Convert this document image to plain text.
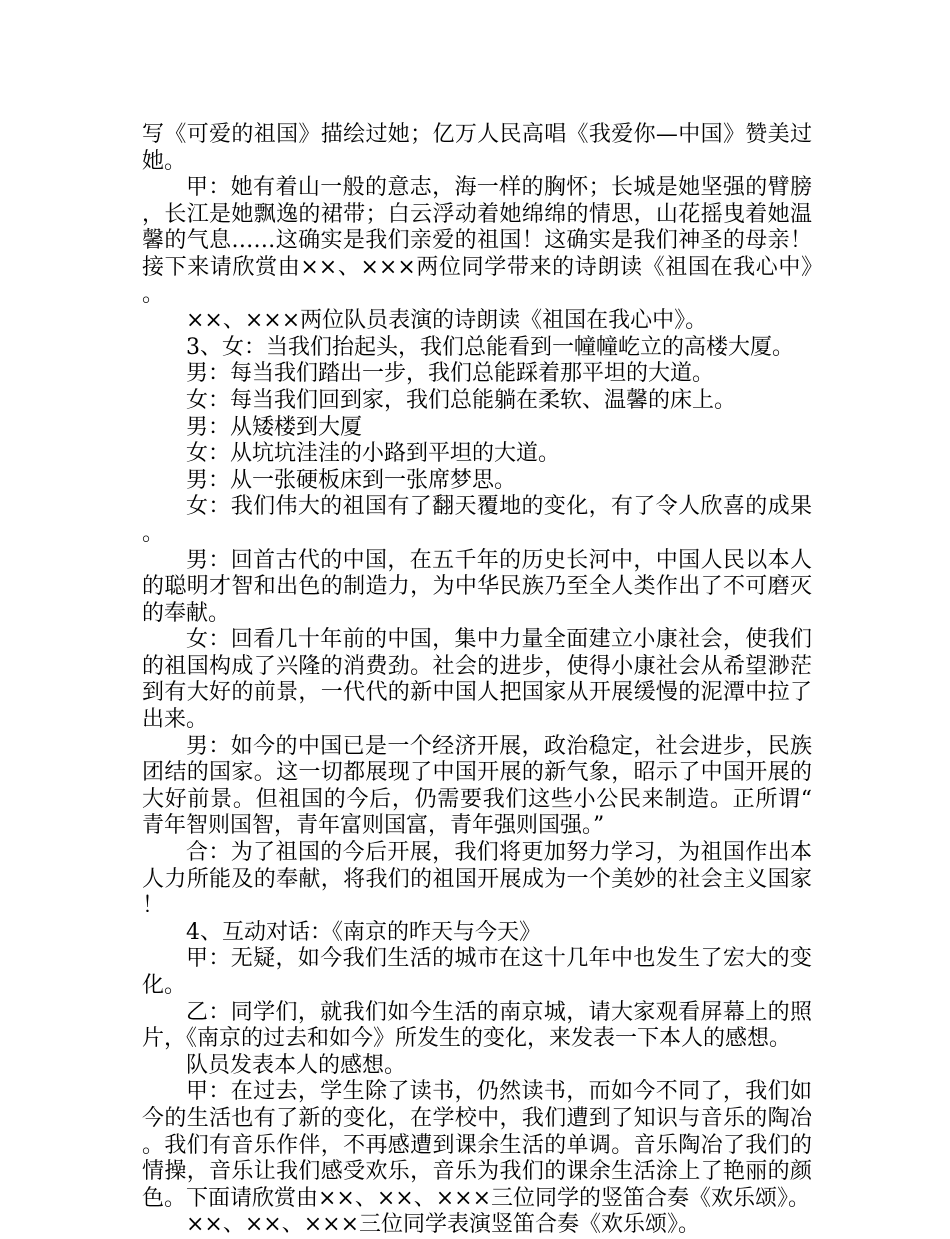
写《可爱的祖国》描绘过她；亿万人民高唱《我爱你—中国》赞美过她。

甲：她有着山一般的意志，海一样的胸怀；长城是她坚强的臂膀，长江是她飘逸的裙带；白云浮动着她绵绵的情思，山花摇曳着她温馨的气息……这确实是我们亲爱的祖国！这确实是我们神圣的母亲！接下来请欣赏由××、×××两位同学带来的诗朗读《祖国在我心中》。

××、×××两位队员表演的诗朗读《祖国在我心中》。

3、女：当我们抬起头，我们总能看到一幢幢屹立的高楼大厦。

男：每当我们踏出一步，我们总能踩着那平坦的大道。

女：每当我们回到家，我们总能躺在柔软、温馨的床上。

男：从矮楼到大厦

女：从坑坑洼洼的小路到平坦的大道。

男：从一张硬板床到一张席梦思。

女：我们伟大的祖国有了翻天覆地的变化，有了令人欣喜的成果。

男：回首古代的中国，在五千年的历史长河中，中国人民以本人的聪明才智和出色的制造力，为中华民族乃至全人类作出了不可磨灭的奉献。

女：回看几十年前的中国，集中力量全面建立小康社会，使我们的祖国构成了兴隆的消费劲。社会的进步，使得小康社会从希望渺茫到有大好的前景，一代代的新中国人把国家从开展缓慢的泥潭中拉了出来。

男：如今的中国已是一个经济开展，政治稳定，社会进步，民族团结的国家。这一切都展现了中国开展的新气象，昭示了中国开展的大好前景。但祖国的今后，仍需要我们这些小公民来制造。正所谓“青年智则国智，青年富则国富，青年强则国强。”

合：为了祖国的今后开展，我们将更加努力学习，为祖国作出本人力所能及的奉献，将我们的祖国开展成为一个美妙的社会主义国家！

4、互动对话：《南京的昨天与今天》

甲：无疑，如今我们生活的城市在这十几年中也发生了宏大的变化。

乙：同学们，就我们如今生活的南京城，请大家观看屏幕上的照片，《南京的过去和如今》所发生的变化，来发表一下本人的感想。

队员发表本人的感想。

甲：在过去，学生除了读书，仍然读书，而如今不同了，我们如今的生活也有了新的变化，在学校中，我们遭到了知识与音乐的陶冶。我们有音乐作伴，不再感遭到课余生活的单调。音乐陶冶了我们的情操，音乐让我们感受欢乐，音乐为我们的课余生活涂上了艳丽的颜色。下面请欣赏由××、××、×××三位同学的竖笛合奏《欢乐颂》。

××、××、×××三位同学表演竖笛合奏《欢乐颂》。
